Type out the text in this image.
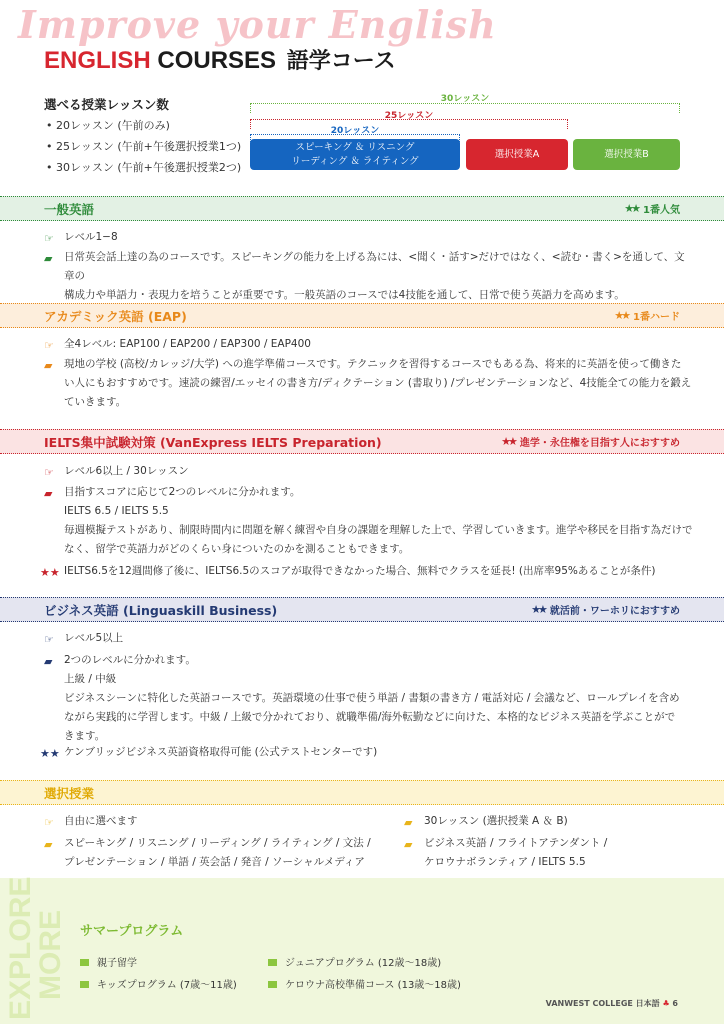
Improve your English
ENGLISH COURSES 語学コース
選べる授業レッスン数
• 20レッスン (午前のみ)
• 25レッスン (午前+午後選択授業1つ)
• 30レッスン (午前+午後選択授業2つ)
30レッスン
25レッスン
20レッスン
スピーキング ＆ リスニング
リーディング ＆ ライティング
選択授業A	選択授業B
一般英語	★★ 1番人気
☞ レベル1−8
▰ 日常英会話上達の為のコースです。スピーキングの能力を上げる為には、<聞く・話す>だけではなく、<読む・書く>を通して、文章の
構成力や単語力・表現力を培うことが重要です。一般英語のコースでは4技能を通して、日常で使う英語力を高めます。
アカデミック英語 (EAP)	★★ 1番ハード
☞ 全4レベル: EAP100 / EAP200 / EAP300 / EAP400
▰ 現地の学校 (高校/カレッジ/大学) への進学準備コースです。テクニックを習得するコースでもある為、将来的に英語を使って働きた
い人にもおすすめです。速読の練習/エッセイの書き方/ディクテーション (書取り) /プレゼンテーションなど、4技能全ての能力を鍛え
ていきます。
IELTS集中試験対策 (VanExpress IELTS Preparation)	★★ 進学・永住権を目指す人におすすめ
☞ レベル6以上 / 30レッスン
▰ 目指すスコアに応じて2つのレベルに分かれます。
IELTS 6.5 / IELTS 5.5
毎週模擬テストがあり、制限時間内に問題を解く練習や自身の課題を理解した上で、学習していきます。進学や移民を目指す為だけで
なく、留学で英語力がどのくらい身についたのかを測ることもできます。
★★ IELTS6.5を12週間修了後に、IELTS6.5のスコアが取得できなかった場合、無料でクラスを延長! (出席率95%あることが条件)
ビジネス英語 (Linguaskill Business)	★★ 就活前・ワーホリにおすすめ
☞ レベル5以上
▰ 2つのレベルに分かれます。
上級 / 中級
ビジネスシーンに特化した英語コースです。英語環境の仕事で使う単語 / 書類の書き方 / 電話対応 / 会議など、ロールプレイを含め
ながら実践的に学習します。中級 / 上級で分かれており、就職準備/海外転勤などに向けた、本格的なビジネス英語を学ぶことがで
きます。
★★ ケンブリッジビジネス英語資格取得可能 (公式テストセンターです)
選択授業
☞ 自由に選べます
▰ スピーキング / リスニング / リーディング / ライティング / 文法 /
プレゼンテーション / 単語 / 英会話 / 発音 / ソーシャルメディア
▰ 30レッスン (選択授業 A ＆ B)
▰ ビジネス英語 / フライトアテンダント /
ケロウナボランティア / IELTS 5.5
EXPLORE
MORE サマープログラム
親子留学	ジュニアプログラム (12歳〜18歳)
キッズプログラム (7歳〜11歳)	ケロウナ高校準備コース (13歳〜18歳)
VANWEST COLLEGE 日本語 ♣ 6
